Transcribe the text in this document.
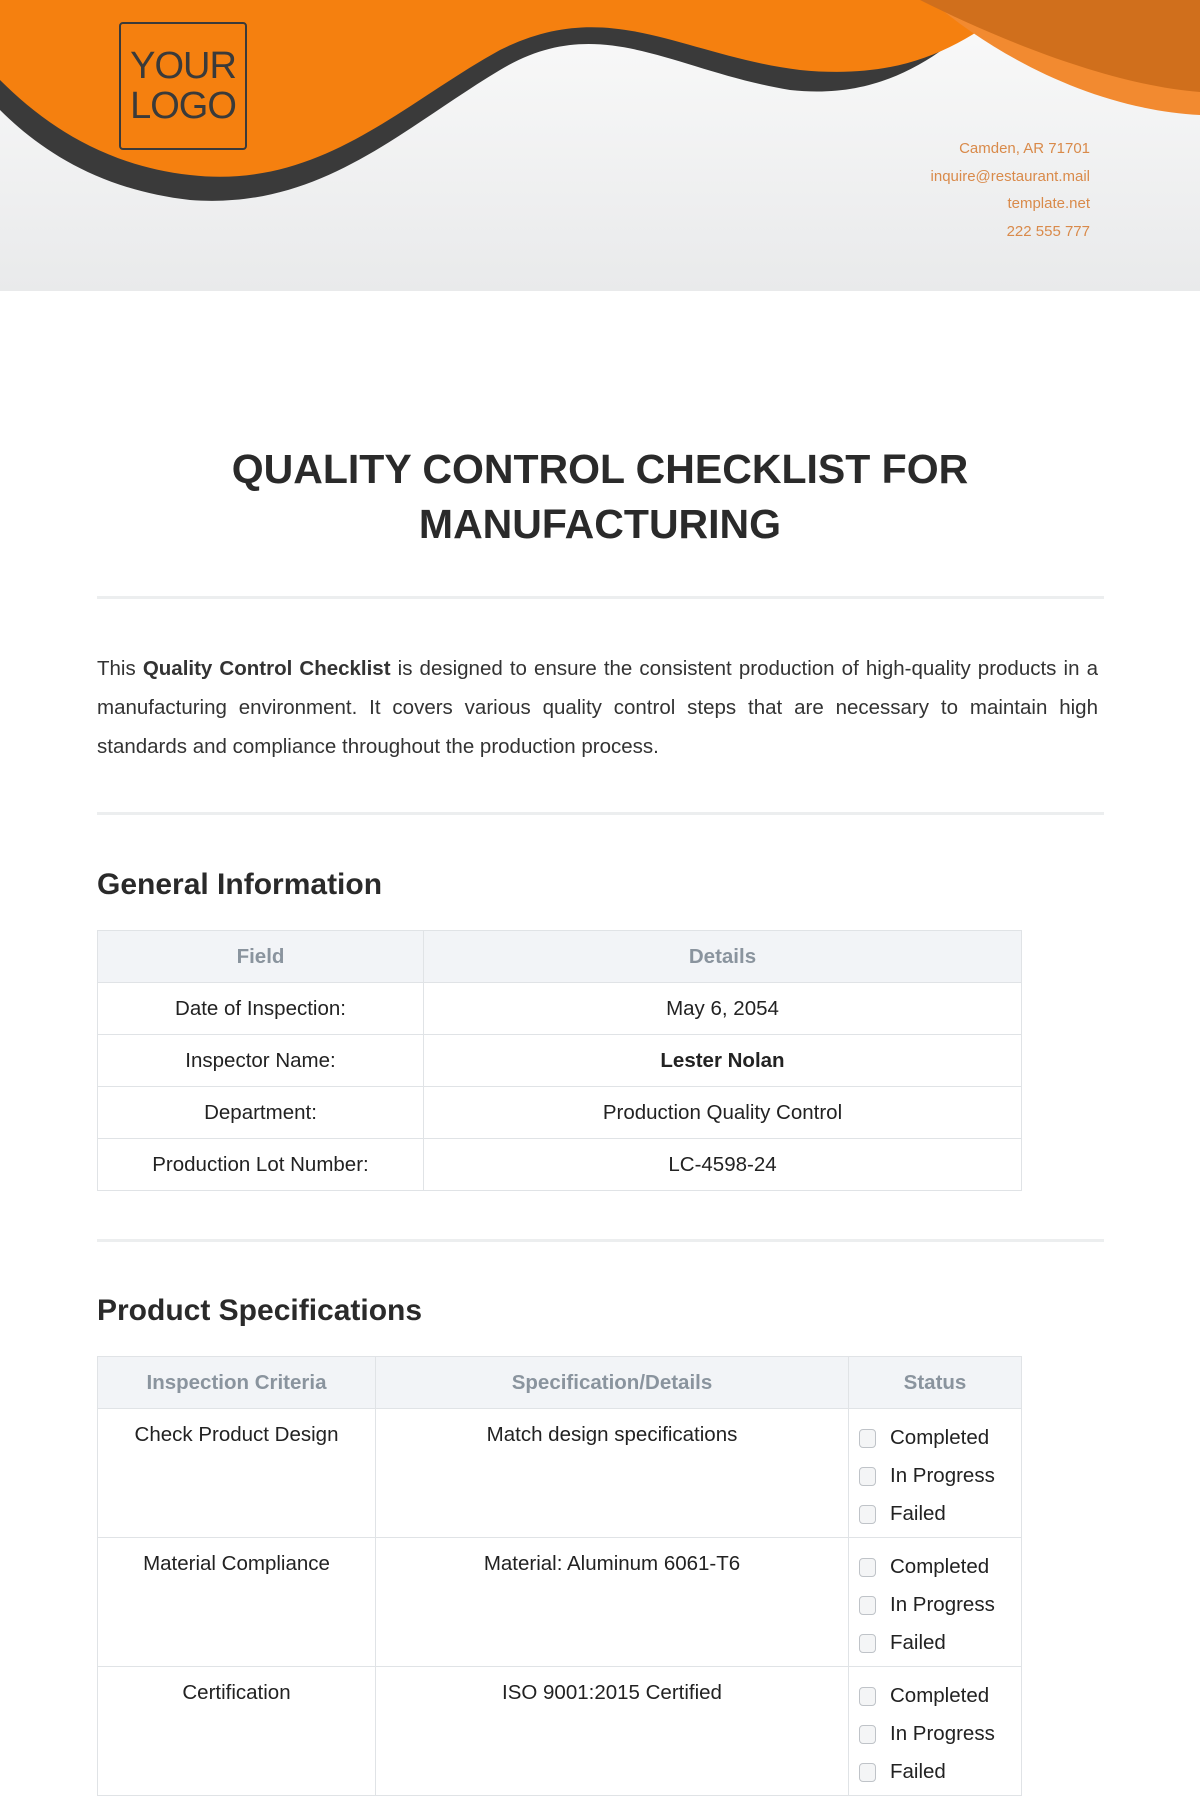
YOUR
LOGO
Camden, AR 71701
inquire@restaurant.mail
template.net
222 555 777
QUALITY CONTROL CHECKLIST FOR
MANUFACTURING

This Quality Control Checklist is designed to ensure the consistent production of high-quality products in a manufacturing environment. It covers various quality control steps that are necessary to maintain high standards and compliance throughout the production process.

General Information
Field	Details
Date of Inspection:	May 6, 2054
Inspector Name:	Lester Nolan
Department:	Production Quality Control
Production Lot Number:	LC-4598-24
Product Specifications
Inspection Criteria	Specification/Details	Status
Check Product Design	Match design specifications	Completed
In Progress
Failed

Material Compliance	Material: Aluminum 6061-T6	Completed
In Progress
Failed

Certification	ISO 9001:2015 Certified	Completed
In Progress
Failed
